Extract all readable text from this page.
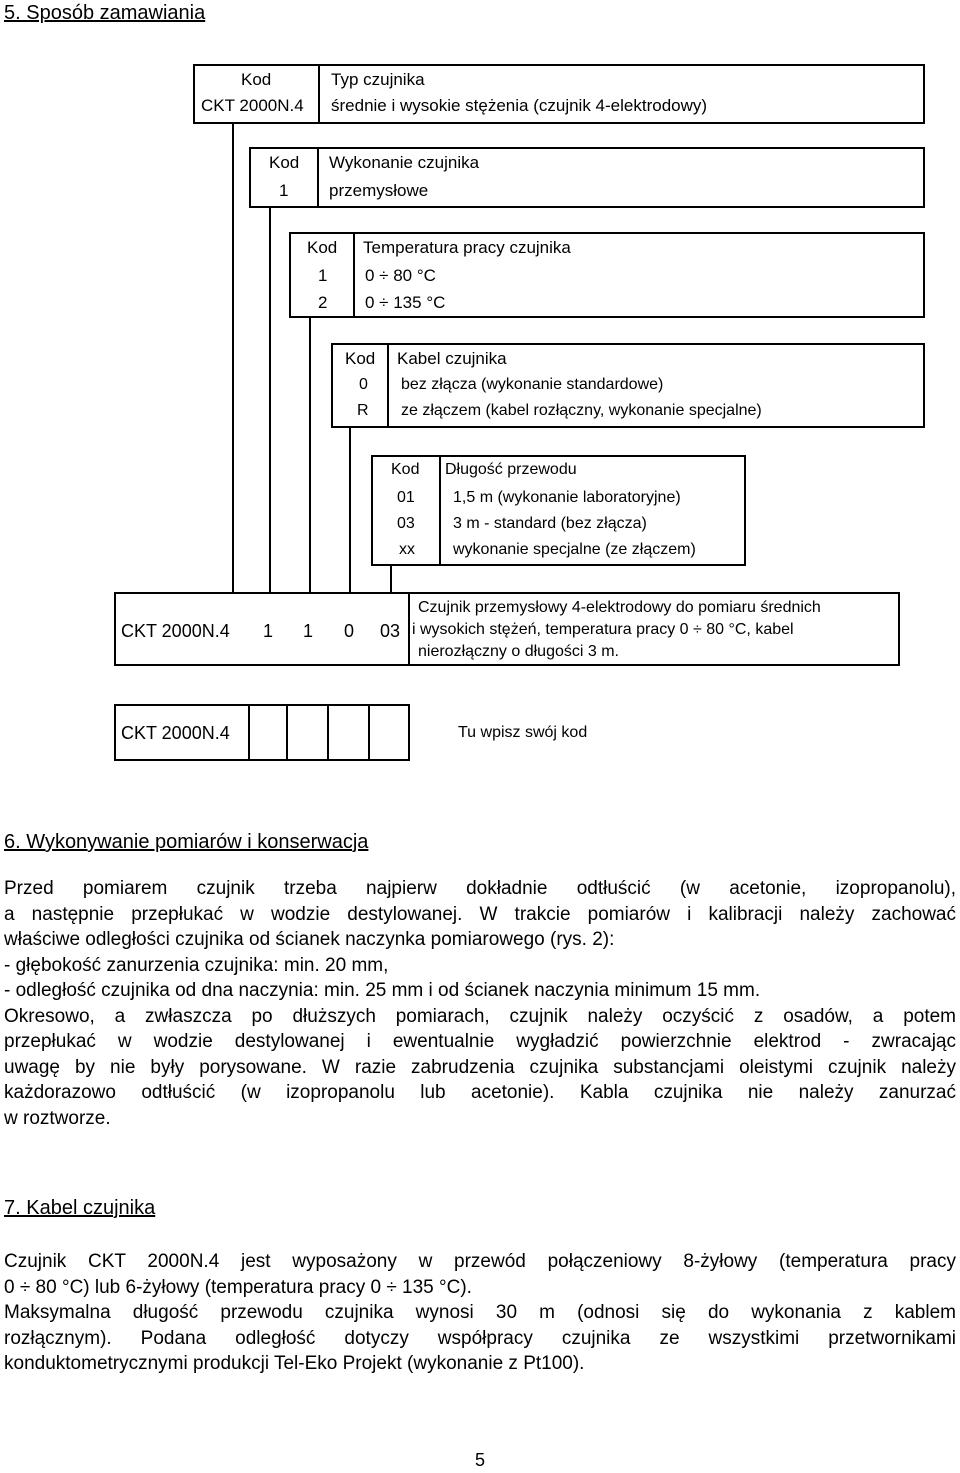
5. Sposób zamawiania
Kod	Typ czujnika
CKT 2000N.4 średnie i wysokie stężenia (czujnik 4-elektrodowy)
Kod Wykonanie czujnika
1 przemysłowe
Kod Temperatura pracy czujnika
1 0 ÷ 80 °C
2 0 ÷ 135 °C
Kod Kabel czujnika
0 bez złącza (wykonanie standardowe)
R ze złączem (kabel rozłączny, wykonanie specjalne)
Kod Długość przewodu
01 1,5 m (wykonanie laboratoryjne)
03 3 m - standard (bez złącza)
xx wykonanie specjalne (ze złączem)
CKT 2000N.4 1 1 0 03
Czujnik przemysłowy 4-elektrodowy do pomiaru średnich
i wysokich stężeń, temperatura pracy 0 ÷ 80 °C, kabel
nierozłączny o długości 3 m.
CKT 2000N.4	Tu wpisz swój kod
6. Wykonywanie pomiarów i konserwacja
Przed pomiarem czujnik trzeba najpierw dokładnie odtłuścić (w acetonie, izopropanolu),
a następnie przepłukać w wodzie destylowanej. W trakcie pomiarów i kalibracji należy zachować
właściwe odległości czujnika od ścianek naczynka pomiarowego (rys. 2):
- głębokość zanurzenia czujnika: min. 20 mm,
- odległość czujnika od dna naczynia: min. 25 mm i od ścianek naczynia minimum 15 mm.
Okresowo, a zwłaszcza po dłuższych pomiarach, czujnik należy oczyścić z osadów, a potem
przepłukać w wodzie destylowanej i ewentualnie wygładzić powierzchnie elektrod - zwracając
uwagę by nie były porysowane. W razie zabrudzenia czujnika substancjami oleistymi czujnik należy
każdorazowo odtłuścić (w izopropanolu lub acetonie). Kabla czujnika nie należy zanurzać
w roztworze.
7. Kabel czujnika
Czujnik CKT 2000N.4 jest wyposażony w przewód połączeniowy 8-żyłowy (temperatura pracy
0 ÷ 80 °C) lub 6-żyłowy (temperatura pracy 0 ÷ 135 °C).
Maksymalna długość przewodu czujnika wynosi 30 m (odnosi się do wykonania z kablem
rozłącznym). Podana odległość dotyczy współpracy czujnika ze wszystkimi przetwornikami
konduktometrycznymi produkcji Tel-Eko Projekt (wykonanie z Pt100).
5
